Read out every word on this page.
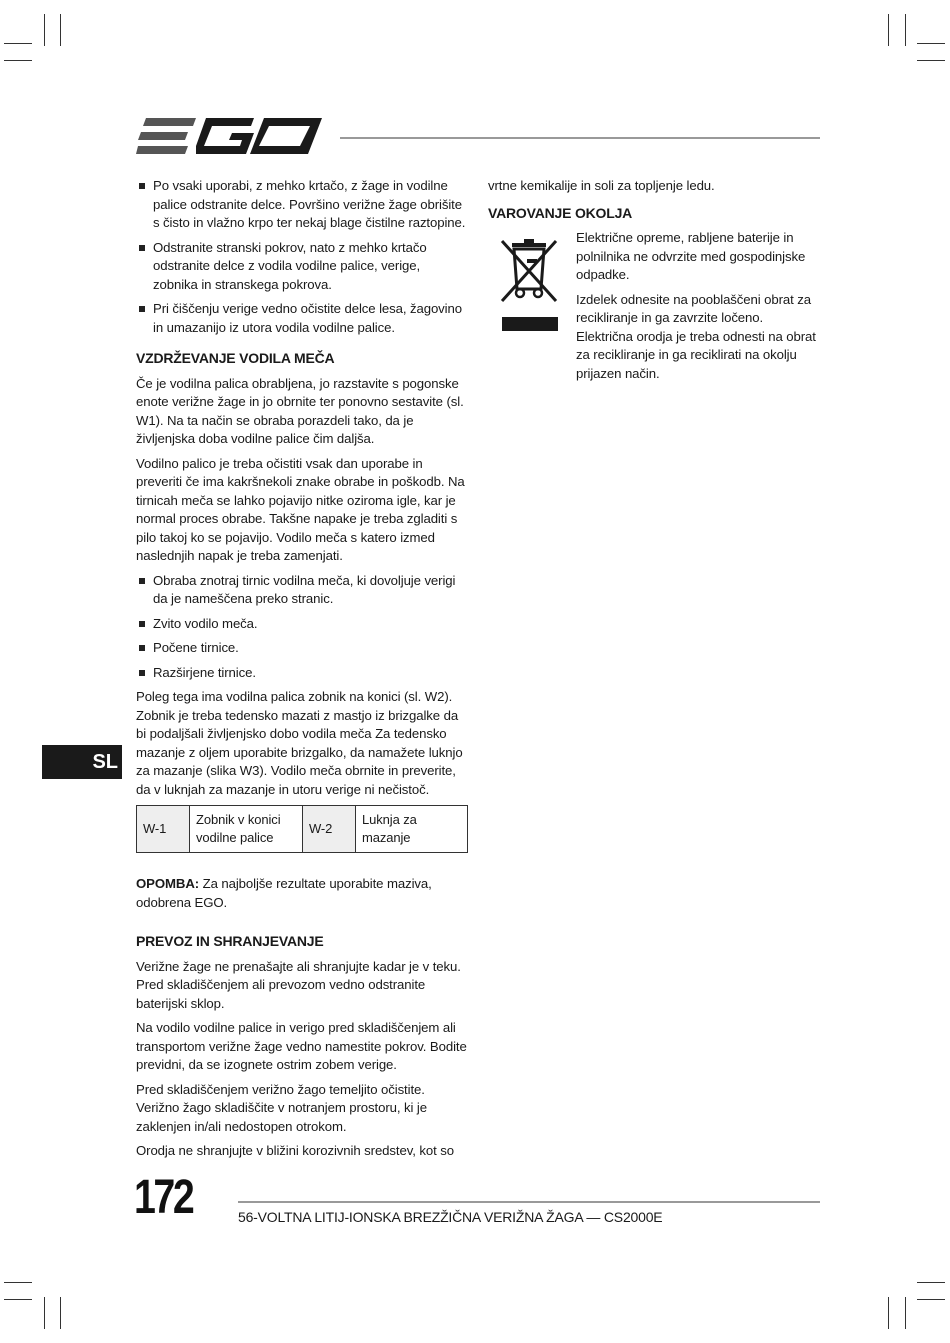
Po vsaki uporabi, z mehko krtačo, z žage in vodilne palice odstranite delce. Površino verižne žage obrišite s čisto in vlažno krpo ter nekaj blage čistilne raztopine.
Odstranite stranski pokrov, nato z mehko krtačo odstranite delce z vodila vodilne palice, verige, zobnika in stranskega pokrova.
Pri čiščenju verige vedno očistite delce lesa, žagovino in umazanijo iz utora vodila vodilne palice.
VZDRŽEVANJE VODILA MEČA

Če je vodilna palica obrabljena, jo razstavite s pogonske enote verižne žage in jo obrnite ter ponovno sestavite (sl. W1). Na ta način se obraba porazdeli tako, da je življenjska doba vodilne palice čim daljša.

Vodilno palico je treba očistiti vsak dan uporabe in preveriti če ima kakršnekoli znake obrabe in poškodb. Na tirnicah meča se lahko pojavijo nitke oziroma igle, kar je normal proces obrabe. Takšne napake je treba zgladiti s pilo takoj ko se pojavijo. Vodilo meča s katero izmed naslednjih napak je treba zamenjati.

Obraba znotraj tirnic vodilna meča, ki dovoljuje verigi da je nameščena preko stranic.
Zvito vodilo meča.
Počene tirnice.
Razširjene tirnice.

Poleg tega ima vodilna palica zobnik na konici (sl. W2). Zobnik je treba tedensko mazati z mastjo iz brizgalke da bi podaljšali življenjsko dobo vodila meča Za tedensko mazanje z oljem uporabite brizgalko, da namažete luknjo za mazanje (slika W3). Vodilo meča obrnite in preverite, da v luknjah za mazanje in utoru verige ni nečistoč.

W-1	Zobnik v konici vodilne palice	W-2	Luknja za mazanje

OPOMBA: Za najboljše rezultate uporabite maziva, odobrena EGO.

PREVOZ IN SHRANJEVANJE

Verižne žage ne prenašajte ali shranjujte kadar je v teku. Pred skladiščenjem ali prevozom vedno odstranite baterijski sklop.

Na vodilo vodilne palice in verigo pred skladiščenjem ali transportom verižne žage vedno namestite pokrov. Bodite previdni, da se izognete ostrim zobem verige.

Pred skladiščenjem verižno žago temeljito očistite. Verižno žago skladiščite v notranjem prostoru, ki je zaklenjen in/ali nedostopen otrokom.

Orodja ne shranjujte v bližini korozivnih sredstev, kot so

vrtne kemikalije in soli za topljenje ledu.

VAROVANJE OKOLJA

Električne opreme, rabljene baterije in polnilnika ne odvrzite med gospodinjske odpadke.

Izdelek odnesite na pooblaščeni obrat za recikliranje in ga zavrzite ločeno. Električna orodja je treba odnesti na obrat za recikliranje in ga reciklirati na okolju prijazen način.

SL
172	56-VOLTNA LITIJ-IONSKA BREZŽIČNA VERIŽNA ŽAGA — CS2000E
